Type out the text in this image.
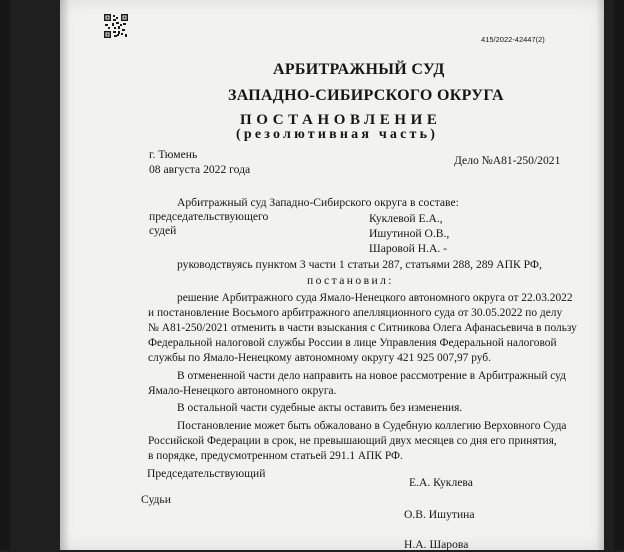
415/2022-42447(2)
АРБИТРАЖНЫЙ СУД
ЗАПАДНО-СИБИРСКОГО ОКРУГА
ПОСТАНОВЛЕНИЕ
(резолютивная часть)
г. Тюмень
08 августа 2022 года
Дело №А81-250/2021
Арбитражный суд Западно-Сибирского округа в составе:
председательствующего
судей
Куклевой Е.А.,
Ишутиной О.В.,
Шаровой Н.А. -
руководствуясь пунктом 3 части 1 статьи 287, статьями 288, 289 АПК РФ,
постановил:
решение Арбитражного суда Ямало-Ненецкого автономного округа от 22.03.2022
и постановление Восьмого арбитражного апелляционного суда от 30.05.2022 по делу
№ А81-250/2021 отменить в части взыскания с Ситникова Олега Афанасьевича в пользу
Федеральной налоговой службы России в лице Управления Федеральной налоговой
службы по Ямало-Ненецкому автономному округу 421 925 007,97 руб.
В отмененной части дело направить на новое рассмотрение в Арбитражный суд
Ямало-Ненецкого автономного округа.
В остальной части судебные акты оставить без изменения.
Постановление может быть обжаловано в Судебную коллегию Верховного Суда
Российской Федерации в срок, не превышающий двух месяцев со дня его принятия,
в порядке, предусмотренном статьей 291.1 АПК РФ.
Председательствующий
Е.А. Куклева
Судьи
О.В. Ишутина
Н.А. Шарова
